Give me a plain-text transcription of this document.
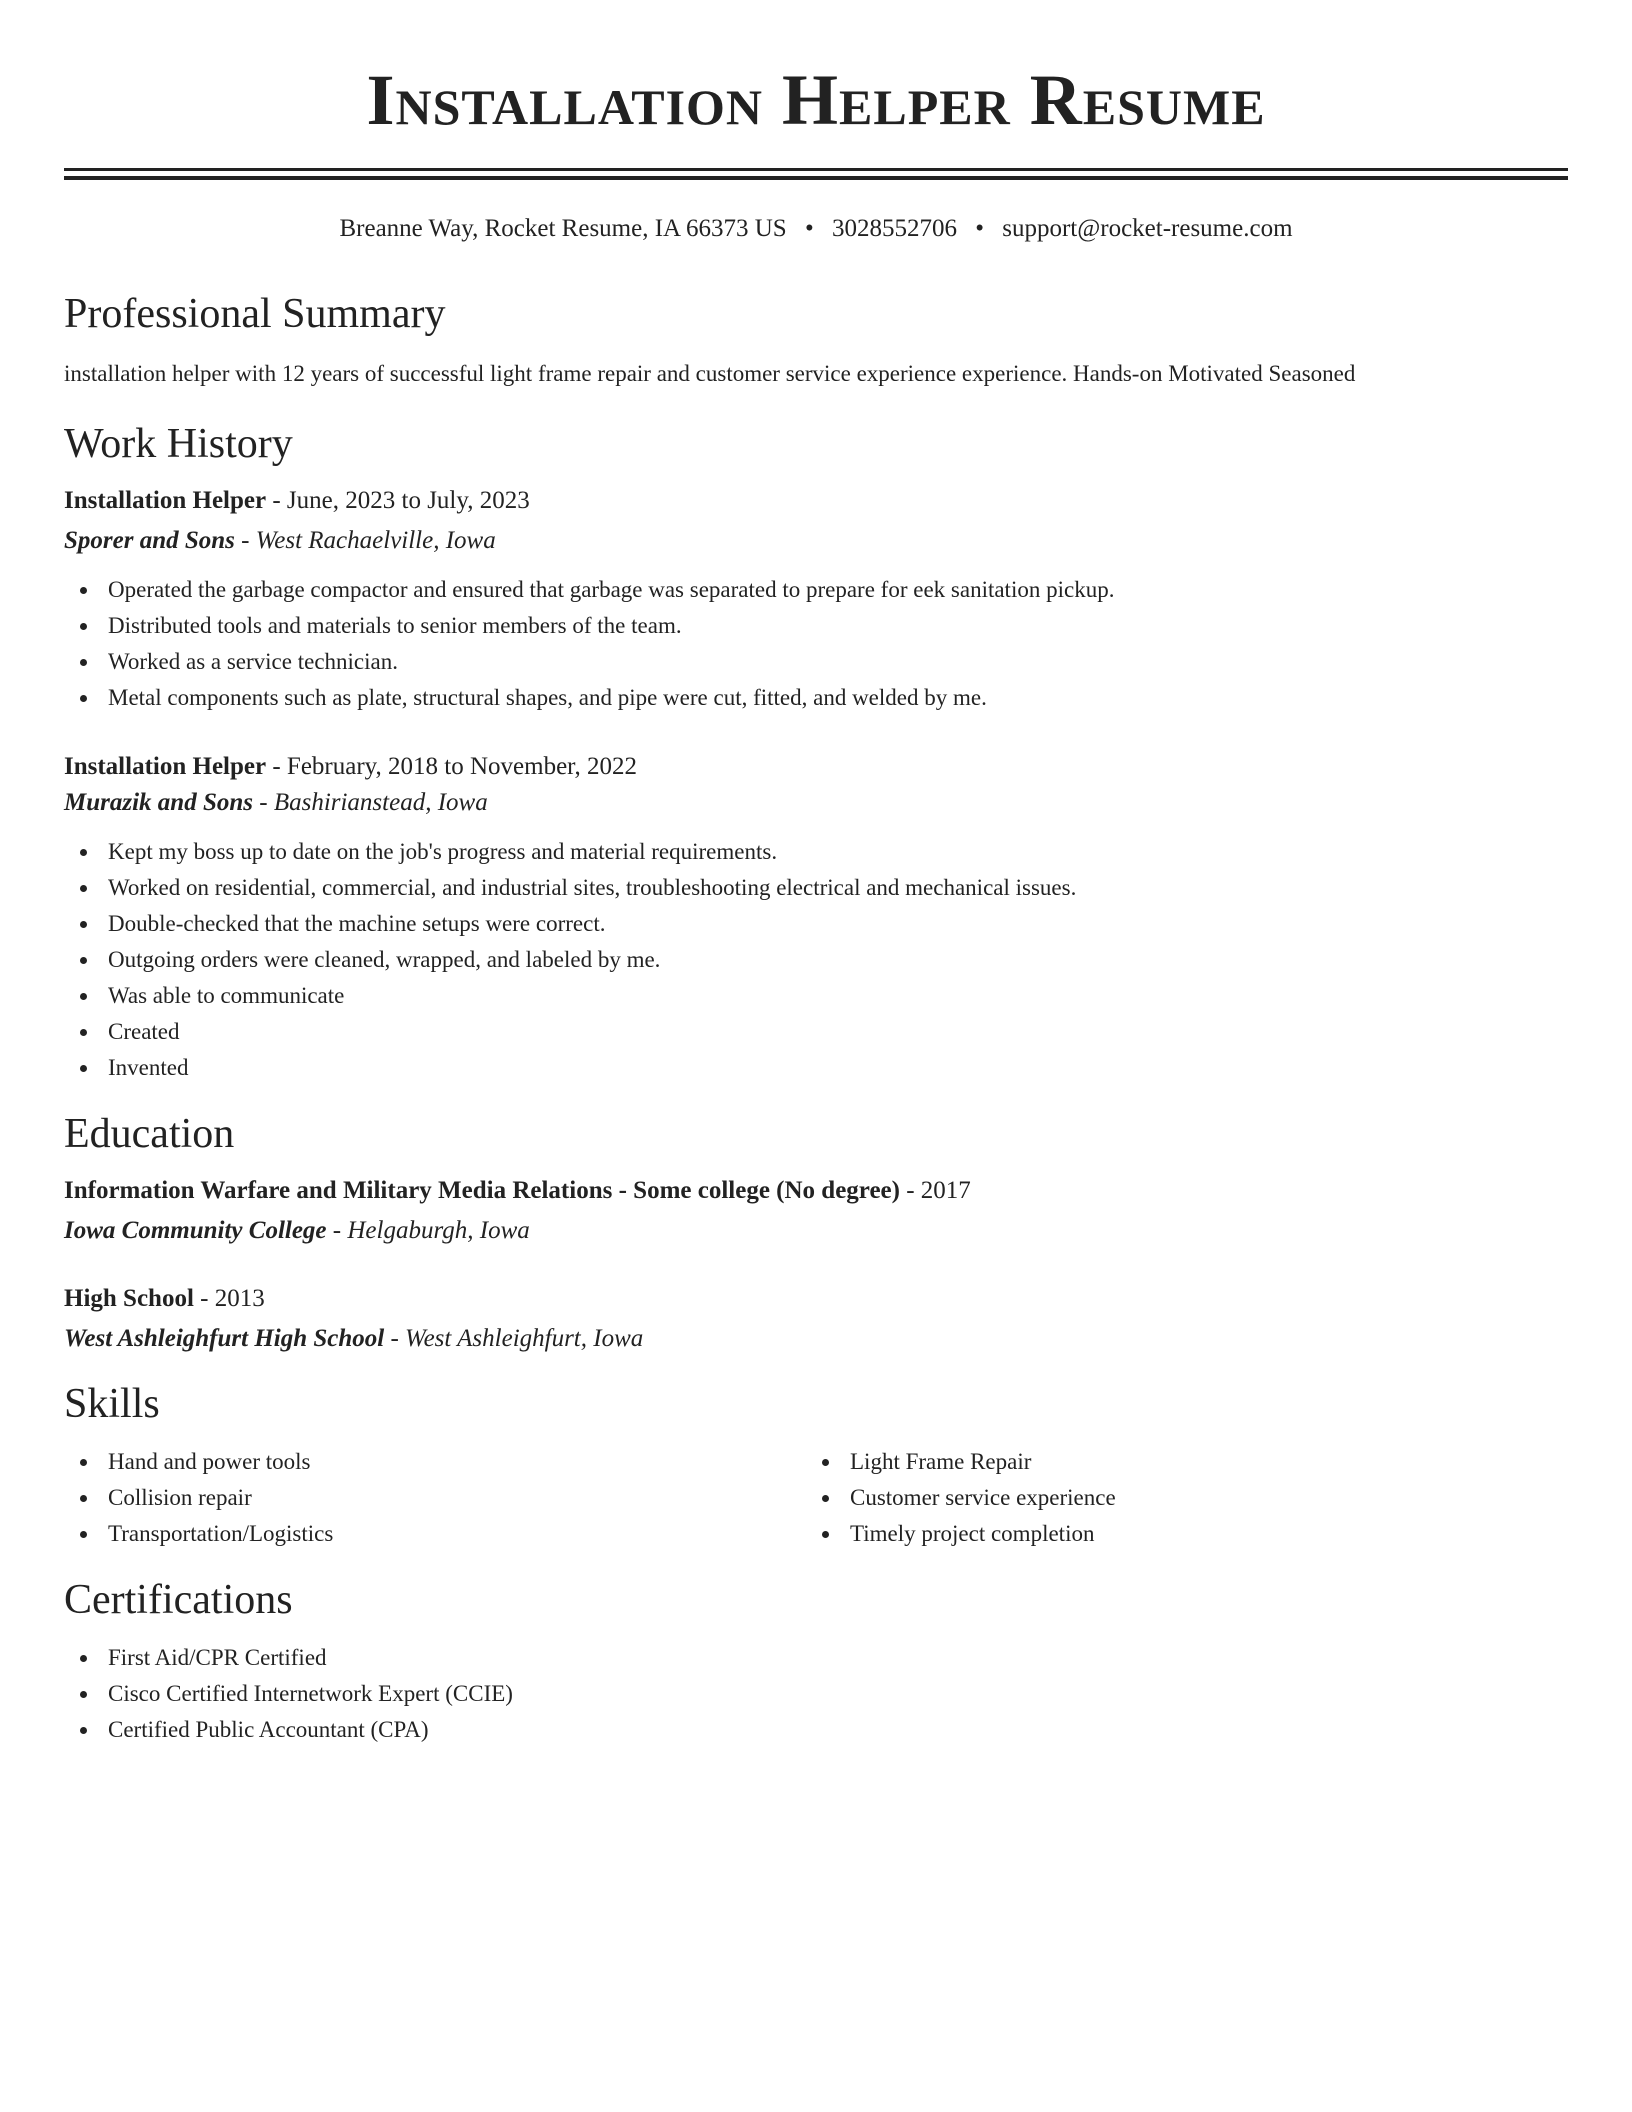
Installation Helper Resume
Breanne Way, Rocket Resume, IA 66373 US • 3028552706 • support@rocket-resume.com
Professional Summary
installation helper with 12 years of successful light frame repair and customer service experience experience. Hands-on Motivated Seasoned
Work History
Installation Helper - June, 2023 to July, 2023
Sporer and Sons - West Rachaelville, Iowa
Operated the garbage compactor and ensured that garbage was separated to prepare for eek sanitation pickup.
Distributed tools and materials to senior members of the team.
Worked as a service technician.
Metal components such as plate, structural shapes, and pipe were cut, fitted, and welded by me.
Installation Helper - February, 2018 to November, 2022
Murazik and Sons - Bashirianstead, Iowa
Kept my boss up to date on the job's progress and material requirements.
Worked on residential, commercial, and industrial sites, troubleshooting electrical and mechanical issues.
Double-checked that the machine setups were correct.
Outgoing orders were cleaned, wrapped, and labeled by me.
Was able to communicate
Created
Invented
Education
Information Warfare and Military Media Relations - Some college (No degree) - 2017
Iowa Community College - Helgaburgh, Iowa
High School - 2013
West Ashleighfurt High School - West Ashleighfurt, Iowa
Skills
Hand and power tools
Collision repair
Transportation/Logistics
Light Frame Repair
Customer service experience
Timely project completion
Certifications
First Aid/CPR Certified
Cisco Certified Internetwork Expert (CCIE)
Certified Public Accountant (CPA)
